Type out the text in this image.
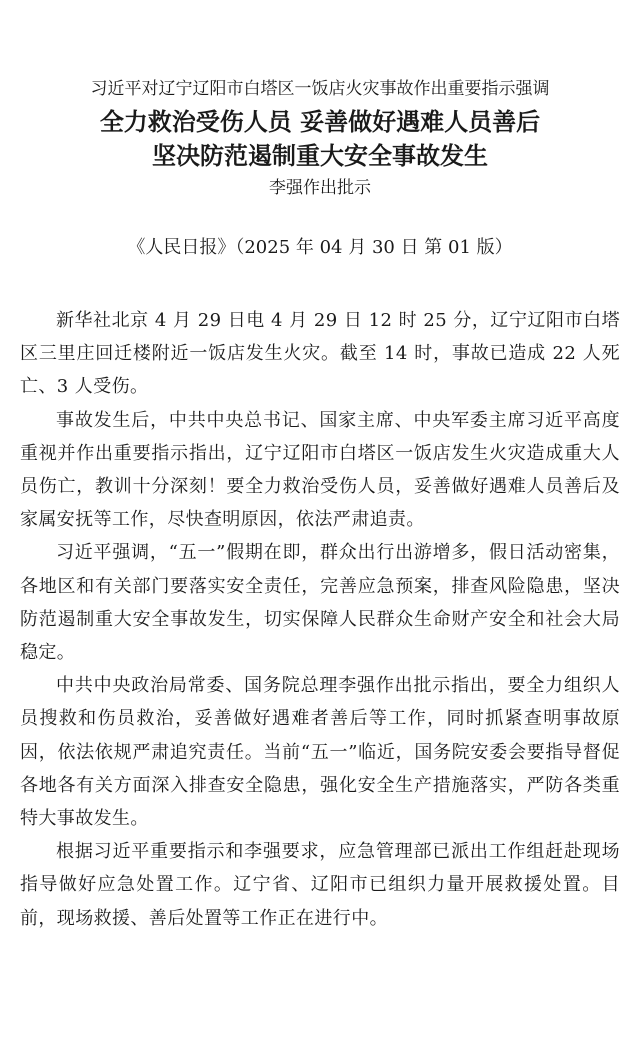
习近平对辽宁辽阳市白塔区一饭店火灾事故作出重要指示强调
全力救治受伤人员 妥善做好遇难人员善后
坚决防范遏制重大安全事故发生
李强作出批示
《人民日报》（2025 年 04 月 30 日 第 01 版）

新华社北京 4 月 29 日电 4 月 29 日 12 时 25 分，辽宁辽阳市白塔区三里庄回迁楼附近一饭店发生火灾。截至 14 时，事故已造成 22 人死亡、3 人受伤。

事故发生后，中共中央总书记、国家主席、中央军委主席习近平高度重视并作出重要指示指出，辽宁辽阳市白塔区一饭店发生火灾造成重大人员伤亡，教训十分深刻！要全力救治受伤人员，妥善做好遇难人员善后及家属安抚等工作，尽快查明原因，依法严肃追责。

习近平强调，“五一”假期在即，群众出行出游增多，假日活动密集，各地区和有关部门要落实安全责任，完善应急预案，排查风险隐患，坚决防范遏制重大安全事故发生，切实保障人民群众生命财产安全和社会大局稳定。

中共中央政治局常委、国务院总理李强作出批示指出，要全力组织人员搜救和伤员救治，妥善做好遇难者善后等工作，同时抓紧查明事故原因，依法依规严肃追究责任。当前“五一”临近，国务院安委会要指导督促各地各有关方面深入排查安全隐患，强化安全生产措施落实，严防各类重特大事故发生。

根据习近平重要指示和李强要求，应急管理部已派出工作组赶赴现场指导做好应急处置工作。辽宁省、辽阳市已组织力量开展救援处置。目前，现场救援、善后处置等工作正在进行中。
